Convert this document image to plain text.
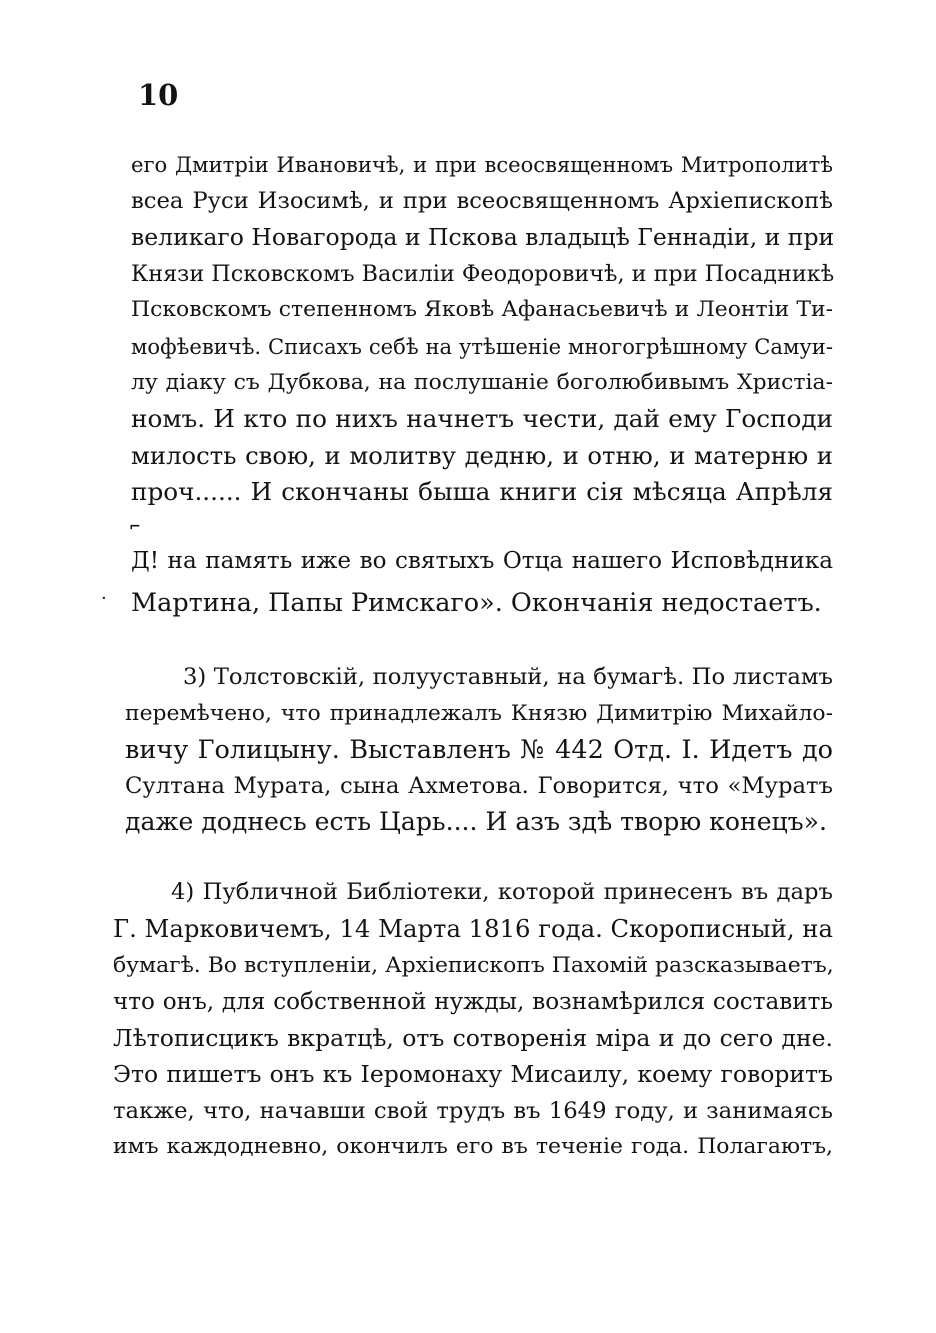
10
его Дмитріи Ивановичѣ, и при всеосвященномъ Митрополитѣ
всеа Руси Изосимѣ, и при всеосвященномъ Архіепископѣ
великаго Новагорода и Пскова владыцѣ Геннадіи, и при
Князи Псковскомъ Василіи Феодоровичѣ, и при Посадникѣ
Псковскомъ степенномъ Яковѣ Афанасьевичѣ и Леонтіи Ти-
мофѣевичѣ. Списахъ себѣ на утѣшеніе многогрѣшному Самуи-
лу діаку съ Дубкова, на послушаніе боголюбивымъ Христіа-
номъ. И кто по нихъ начнетъ чести, дай ему Господи
милость свою, и молитву дедню, и отню, и матерню и
проч...... И скончаны быша книги сія мѣсяца Апрѣля
⌐
Д! на память иже во святыхъ Отца нашего Исповѣдника
· Мартина, Папы Римскаго». Окончанія недостаетъ.
3) Толстовскій, полууставный, на бумагѣ. По листамъ
перемѣчено, что принадлежалъ Князю Димитрію Михайло-
вичу Голицыну. Выставленъ № 442 Отд. I. Идетъ до
Султана Мурата, сына Ахметова. Говорится, что «Муратъ
даже доднесь есть Царь.... И азъ здѣ творю конецъ».
4) Публичной Библіотеки, которой принесенъ въ даръ
Г. Марковичемъ, 14 Марта 1816 года. Скорописный, на
бумагѣ. Во вступленіи, Архіепископъ Пахомій разсказываетъ,
что онъ, для собственной нужды, вознамѣрился составить
Лѣтописцикъ вкратцѣ, отъ сотворенія міра и до сего дне.
Это пишетъ онъ къ Іеромонаху Мисаилу, коему говоритъ
также, что, начавши свой трудъ въ 1649 году, и занимаясь
имъ каждодневно, окончилъ его въ теченіе года. Полагаютъ,
